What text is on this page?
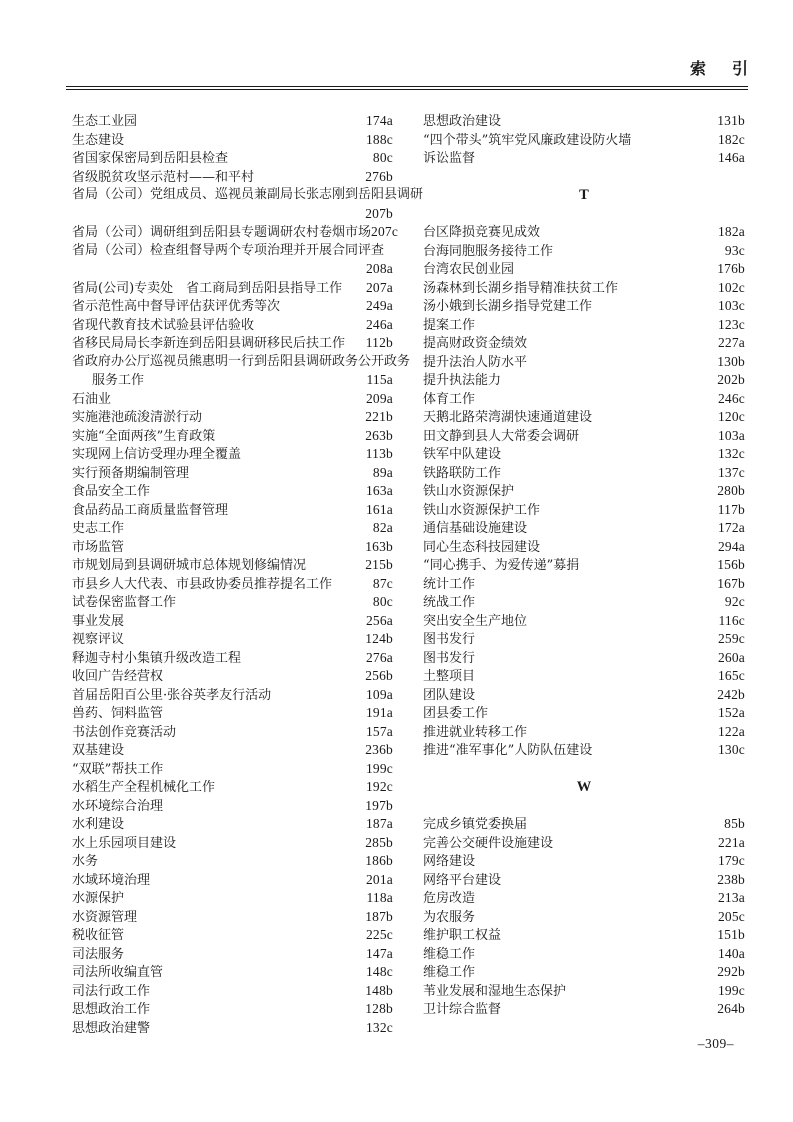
索　引
生态工业园	174a
生态建设	188c
省国家保密局到岳阳县检查	80c
省级脱贫攻坚示范村——和平村	276b
省局（公司）党组成员、巡视员兼副局长张志刚到岳阳县调研
207b
省局（公司）调研组到岳阳县专题调研农村卷烟市场 207c
省局（公司）检查组督导两个专项治理并开展合同评查
208a
省局(公司)专卖处　省工商局到岳阳县指导工作 207a
省示范性高中督导评估获评优秀等次	249a
省现代教育技术试验县评估验收	246a
省移民局局长李新连到岳阳县调研移民后扶工作 112b
省政府办公厅巡视员熊惠明一行到岳阳县调研政务公开政务
服务工作	115a
石油业	209a
实施港池疏浚清淤行动	221b
实施“全面两孩”生育政策	263b
实现网上信访受理办理全覆盖	113b
实行预备期编制管理	89a
食品安全工作	163a
食品药品工商质量监督管理	161a
史志工作	82a
市场监管	163b
市规划局到县调研城市总体规划修编情况	215b
市县乡人大代表、市县政协委员推荐提名工作	87c
试卷保密监督工作	80c
事业发展	256a
视察评议	124b
释迦寺村小集镇升级改造工程	276a
收回广告经营权	256b
首届岳阳百公里·张谷英孝友行活动	109a
兽药、饲料监管	191a
书法创作竞赛活动	157a
双基建设	236b
“双联”帮扶工作	199c
水稻生产全程机械化工作	192c
水环境综合治理	197b
水利建设	187a
水上乐园项目建设	285b
水务	186b
水域环境治理	201a
水源保护	118a
水资源管理	187b
税收征管	225c
司法服务	147a
司法所收编直管	148c
司法行政工作	148b
思想政治工作	128b
思想政治建警	132c
思想政治建设	131b
“四个带头”筑牢党风廉政建设防火墙	182c
诉讼监督	146a
T
台区降损竞赛见成效	182a
台海同胞服务接待工作	93c
台湾农民创业园	176b
汤森林到长湖乡指导精准扶贫工作	102c
汤小娥到长湖乡指导党建工作	103c
提案工作	123c
提高财政资金绩效	227a
提升法治人防水平	130b
提升执法能力	202b
体育工作	246c
天鹅北路荣湾湖快速通道建设	120c
田文静到县人大常委会调研	103a
铁军中队建设	132c
铁路联防工作	137c
铁山水资源保护	280b
铁山水资源保护工作	117b
通信基础设施建设	172a
同心生态科技园建设	294a
“同心携手、为爱传递”募捐	156b
统计工作	167b
统战工作	92c
突出安全生产地位	116c
图书发行	259c
图书发行	260a
土整项目	165c
团队建设	242b
团县委工作	152a
推进就业转移工作	122a
推进“准军事化”人防队伍建设	130c
W
完成乡镇党委换届	85b
完善公交硬件设施建设	221a
网络建设	179c
网络平台建设	238b
危房改造	213a
为农服务	205c
维护职工权益	151b
维稳工作	140a
维稳工作	292b
苇业发展和湿地生态保护	199c
卫计综合监督	264b
–309–
